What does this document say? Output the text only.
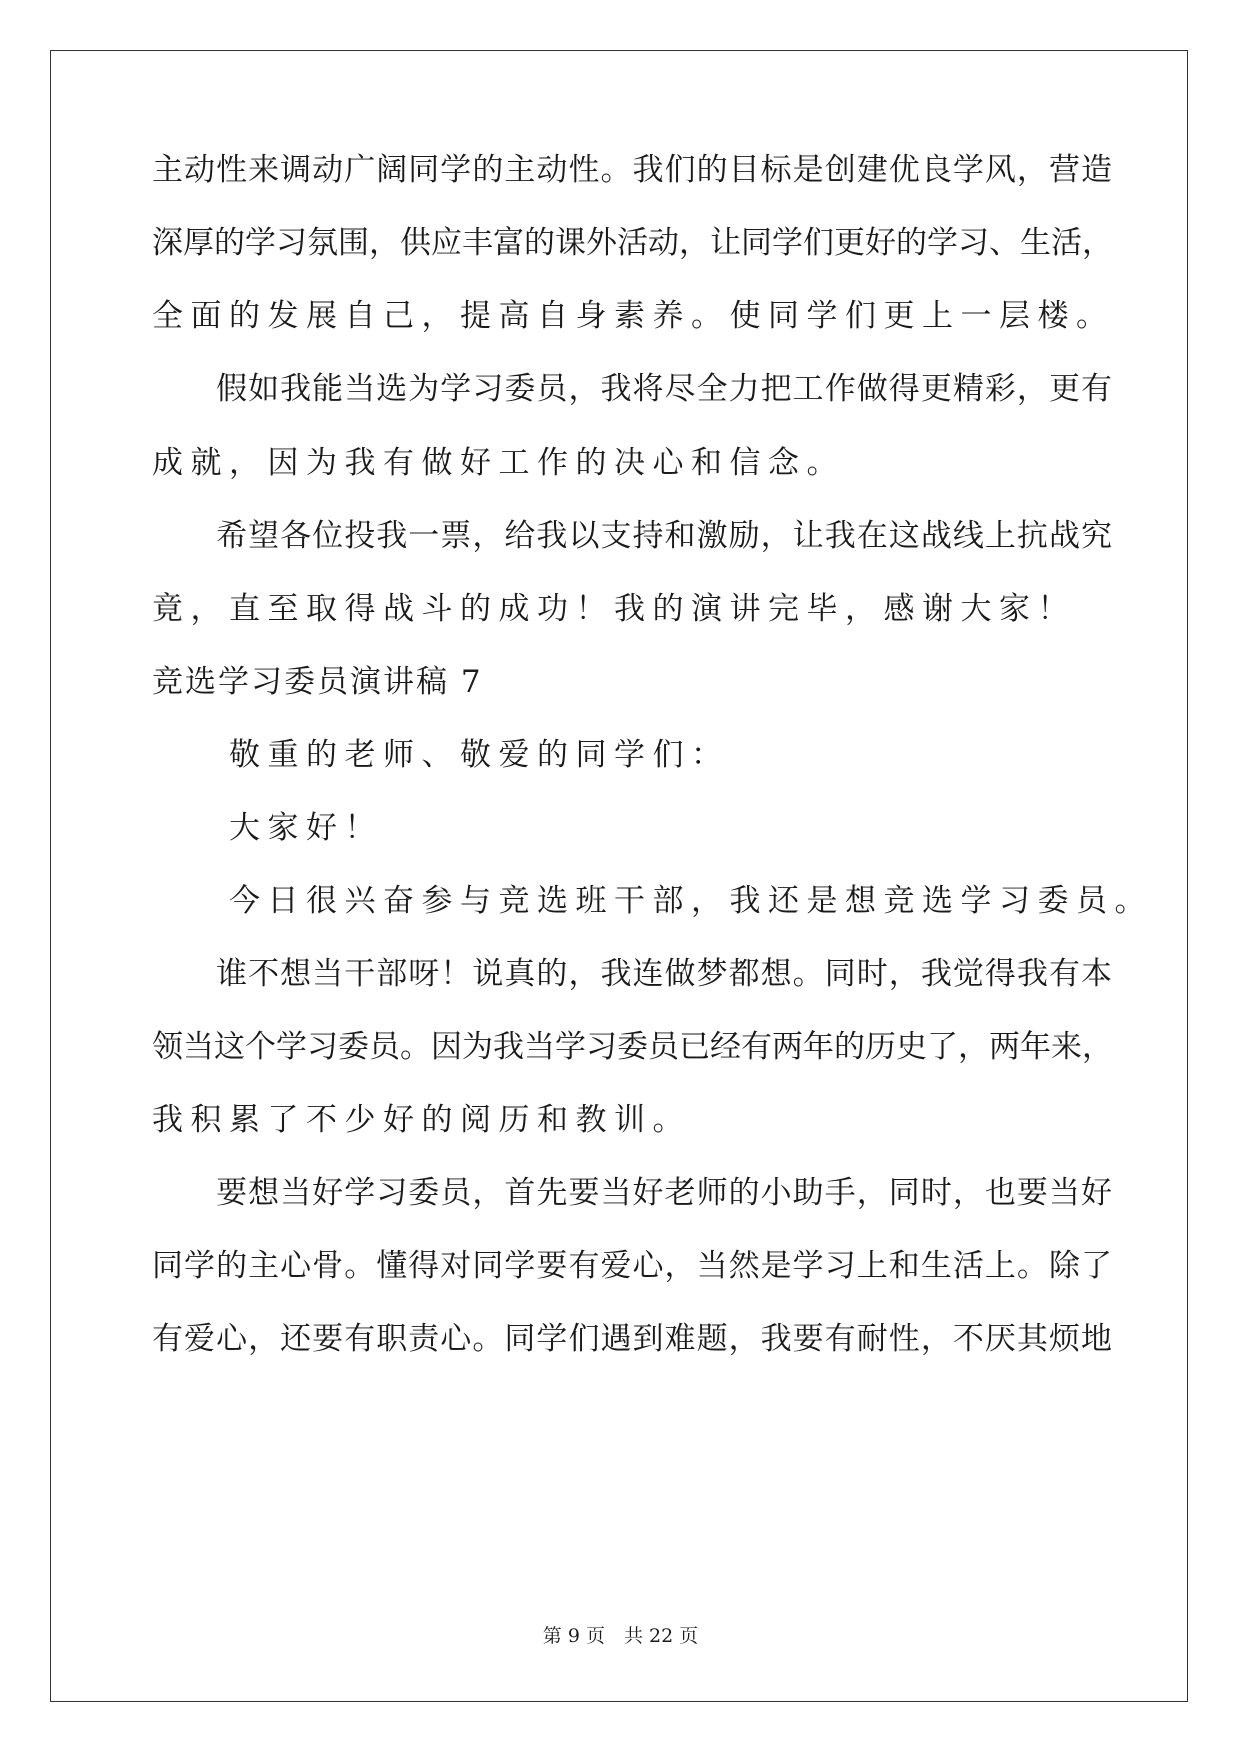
主动性来调动广阔同学的主动性。我们的目标是创建优良学风，营造
深厚的学习氛围，供应丰富的课外活动，让同学们更好的学习、生活，
全面的发展自己，提高自身素养。使同学们更上一层楼。
　　假如我能当选为学习委员，我将尽全力把工作做得更精彩，更有
成就，因为我有做好工作的决心和信念。
　　希望各位投我一票，给我以支持和激励，让我在这战线上抗战究
竟，直至取得战斗的成功！我的演讲完毕，感谢大家！
竞选学习委员演讲稿 7
　　敬重的老师、敬爱的同学们：
　　大家好！
　　今日很兴奋参与竞选班干部，我还是想竞选学习委员。
　　谁不想当干部呀！说真的，我连做梦都想。同时，我觉得我有本
领当这个学习委员。因为我当学习委员已经有两年的历史了，两年来，
我积累了不少好的阅历和教训。
　　要想当好学习委员，首先要当好老师的小助手，同时，也要当好
同学的主心骨。懂得对同学要有爱心，当然是学习上和生活上。除了
有爱心，还要有职责心。同学们遇到难题，我要有耐性，不厌其烦地
第 9 页　共 22 页
